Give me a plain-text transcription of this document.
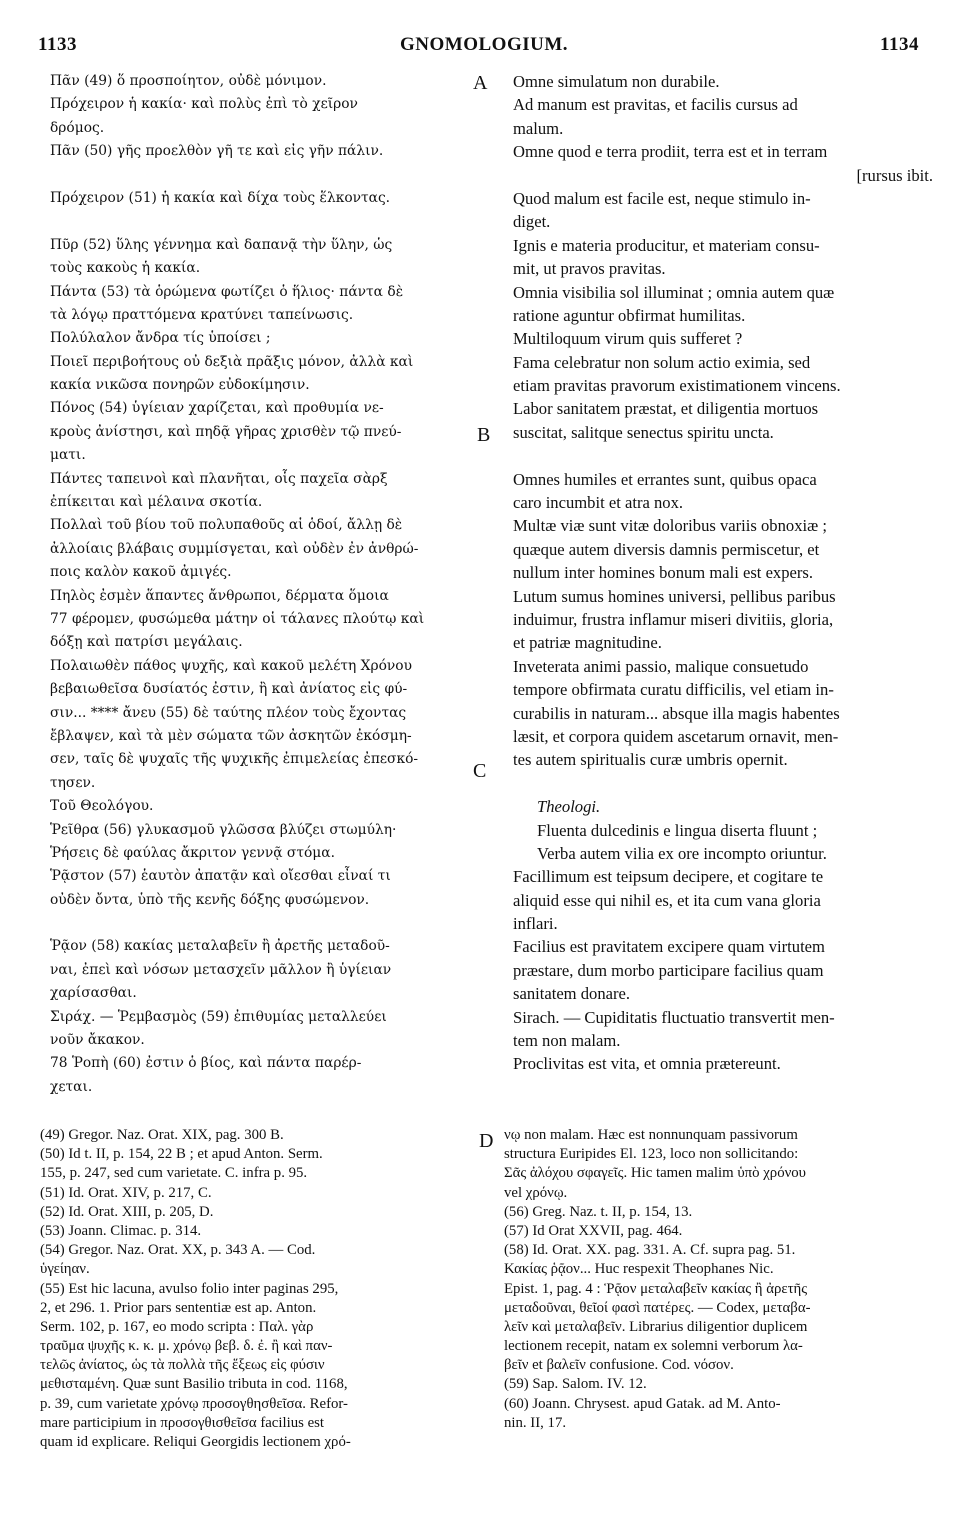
1133	GNOMOLOGIUM.	1134
A
B
C
D
Πᾶν (49) ὅ προσποίητον, οὐδὲ μόνιμον.
Πρόχειρον ἡ κακία· καὶ πολὺς ἐπὶ τὸ χεῖρον
δρόμος.
Πᾶν (50) γῆς προελθὸν γῆ τε καὶ εἰς γῆν πάλιν.
Πρόχειρον (51) ἡ κακία καὶ δίχα τοὺς ἕλκοντας.
Πῦρ (52) ὕλης γέννημα καὶ δαπανᾷ τὴν ὕλην, ὡς
τοὺς κακοὺς ἡ κακία.
Πάντα (53) τὰ ὁρώμενα φωτίζει ὁ ἥλιος· πάντα δὲ
τὰ λόγῳ πραττόμενα κρατύνει ταπείνωσις.
Πολύλαλον ἄνδρα τίς ὑποίσει ;
Ποιεῖ περιβοήτους οὐ δεξιὰ πρᾶξις μόνον, ἀλλὰ καὶ
κακία νικῶσα πονηρῶν εὐδοκίμησιν.
Πόνος (54) ὑγίειαν χαρίζεται, καὶ προθυμία νε-
κροὺς ἀνίστησι, καὶ πηδᾷ γῆρας χρισθὲν τῷ πνεύ-
ματι.
Πάντες ταπεινοὶ καὶ πλανῆται, οἷς παχεῖα σὰρξ
ἐπίκειται καὶ μέλαινα σκοτία.
Πολλαὶ τοῦ βίου τοῦ πολυπαθοῦς αἱ ὁδοί, ἄλλῃ δὲ
ἀλλοίαις βλάβαις συμμίσγεται, καὶ οὐδὲν ἐν ἀνθρώ-
ποις καλὸν κακοῦ ἀμιγές.
Πηλὸς ἐσμὲν ἅπαντες ἄνθρωποι, δέρματα ὅμοια
77 φέρομεν, φυσώμεθα μάτην οἱ τάλανες πλούτῳ καὶ
δόξῃ καὶ πατρίσι μεγάλαις.
Πολαιωθὲν πάθος ψυχῆς, καὶ κακοῦ μελέτη Χρόνου
βεβαιωθεῖσα δυσίατός ἐστιν, ἢ καὶ ἀνίατος εἰς φύ-
σιν... **** ἄνευ (55) δὲ ταύτης πλέον τοὺς ἔχοντας
ἔβλαψεν, καὶ τὰ μὲν σώματα τῶν ἀσκητῶν ἐκόσμη-
σεν, ταῖς δὲ ψυχαῖς τῆς ψυχικῆς ἐπιμελείας ἐπεσκό-
τησεν.
Τοῦ Θεολόγου.
Ῥεῖθρα (56) γλυκασμοῦ γλῶσσα βλύζει στωμύλη·
Ῥήσεις δὲ φαύλας ἄκριτον γεννᾷ στόμα.
Ῥᾷστον (57) ἑαυτὸν ἀπατᾷν καὶ οἴεσθαι εἶναί τι
οὐδὲν ὄντα, ὑπὸ τῆς κενῆς δόξης φυσώμενον.
Ῥᾷον (58) κακίας μεταλαβεῖν ἢ ἀρετῆς μεταδοῦ-
ναι, ἐπεὶ καὶ νόσων μετασχεῖν μᾶλλον ἢ ὑγίειαν
χαρίσασθαι.
Σιράχ. — Ῥεμβασμὸς (59) ἐπιθυμίας μεταλλεύει
νοῦν ἄκακον.
78 Ῥοπὴ (60) ἐστιν ὁ βίος, καὶ πάντα παρέρ-
χεται.
Omne simulatum non durabile.
Ad manum est pravitas, et facilis cursus ad
malum.
Omne quod e terra prodiit, terra est et in terram
[rursus ibit.
Quod malum est facile est, neque stimulo in-
diget.
Ignis e materia producitur, et materiam consu-
mit, ut pravos pravitas.
Omnia visibilia sol illuminat ; omnia autem quæ
ratione aguntur obfirmat humilitas.
Multiloquum virum quis sufferet ?
Fama celebratur non solum actio eximia, sed
etiam pravitas pravorum existimationem vincens.
Labor sanitatem præstat, et diligentia mortuos
suscitat, salitque senectus spiritu uncta.
Omnes humiles et errantes sunt, quibus opaca
caro incumbit et atra nox.
Multæ viæ sunt vitæ doloribus variis obnoxiæ ;
quæque autem diversis damnis permiscetur, et
nullum inter homines bonum mali est expers.
Lutum sumus homines universi, pellibus paribus
induimur, frustra inflamur miseri divitiis, gloria,
et patriæ magnitudine.
Inveterata animi passio, malique consuetudo
tempore obfirmata curatu difficilis, vel etiam in-
curabilis in naturam... absque illa magis habentes
læsit, et corpora quidem ascetarum ornavit, men-
tes autem spiritualis curæ umbris opernit.
Theologi.
Fluenta dulcedinis e lingua diserta fluunt ;
Verba autem vilia ex ore incompto oriuntur.
Facillimum est teipsum decipere, et cogitare te
aliquid esse qui nihil es, et ita cum vana gloria
inflari.
Facilius est pravitatem excipere quam virtutem
præstare, dum morbo participare facilius quam
sanitatem donare.
Sirach. — Cupiditatis fluctuatio transvertit men-
tem non malam.
Proclivitas est vita, et omnia prætereunt.
(49) Gregor. Naz. Orat. XIX, pag. 300 B.
(50) Id t. II, p. 154, 22 B ; et apud Anton. Serm.
155, p. 247, sed cum varietate. C. infra p. 95.
(51) Id. Orat. XIV, p. 217, C.
(52) Id. Orat. XIII, p. 205, D.
(53) Joann. Climac. p. 314.
(54) Gregor. Naz. Orat. XX, p. 343 A. — Cod.
ὑγείηαν.
(55) Est hic lacuna, avulso folio inter paginas 295,
2, et 296. 1. Prior pars sententiæ est ap. Anton.
Serm. 102, p. 167, eo modo scripta : Παλ. γὰρ
τραῦμα ψυχῆς κ. κ. μ. χρόνῳ βεβ. δ. ἐ. ἢ καὶ παν-
τελῶς ἀνίατος, ὡς τὰ πολλὰ τῆς ἕξεως εἰς φύσιν
μεθισταμένη. Quæ sunt Basilio tributa in cod. 1168,
p. 39, cum varietate χρόνῳ προσογθησθεῖσα. Refor-
mare participium in προσογθισθεῖσα facilius est
quam id explicare. Reliqui Georgidis lectionem χρό-
νῳ non malam. Hæc est nonnunquam passivorum
structura Euripides El. 123, loco non sollicitando:
Σᾶς ἀλόχου σφαγεῖς. Hic tamen malim ὑπὸ χρόνου
vel χρόνῳ.
(56) Greg. Naz. t. II, p. 154, 13.
(57) Id Orat XXVII, pag. 464.
(58) Id. Orat. XX. pag. 331. A. Cf. supra pag. 51.
Κακίας ῥᾷον... Huc respexit Theophanes Nic.
Epist. 1, pag. 4 : Ῥᾷον μεταλαβεῖν κακίας ἢ ἀρετῆς
μεταδοῦναι, θεῖοί φασὶ πατέρες. — Codex, μεταβα-
λεῖν καὶ μεταλαβεῖν. Librarius diligentior duplicem
lectionem recepit, natam ex solemni verborum λα-
βεῖν et βαλεῖν confusione. Cod. νόσον.
(59) Sap. Salom. IV. 12.
(60) Joann. Chrysest. apud Gatak. ad M. Anto-
nin. II, 17.
